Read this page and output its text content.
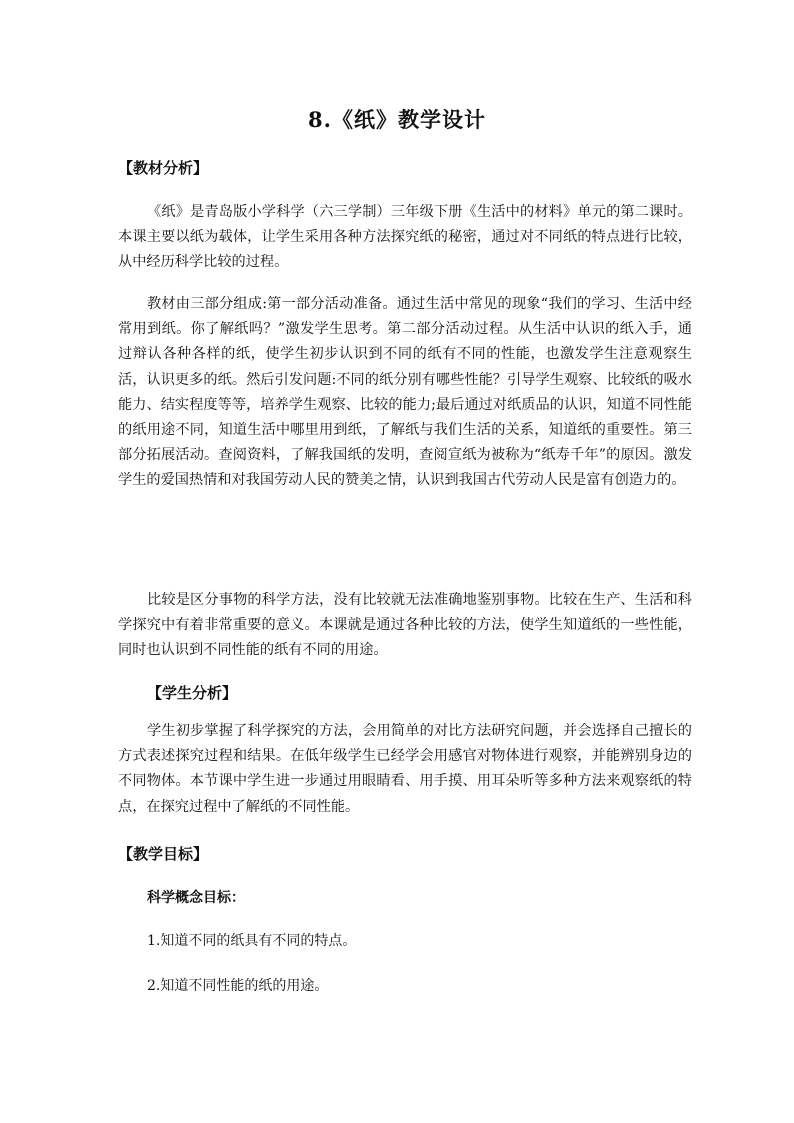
8.《纸》教学设计
【教材分析】

《纸》是青岛版小学科学（六三学制）三年级下册《生活中的材料》单元的第二课时。本课主要以纸为载体，让学生采用各种方法探究纸的秘密，通过对不同纸的特点进行比较，从中经历科学比较的过程。

教材由三部分组成:第一部分活动准备。通过生活中常见的现象“我们的学习、生活中经常用到纸。你了解纸吗？”激发学生思考。第二部分活动过程。从生活中认识的纸入手，通过辩认各种各样的纸，使学生初步认识到不同的纸有不同的性能，也激发学生注意观察生活，认识更多的纸。然后引发问题:不同的纸分别有哪些性能？引导学生观察、比较纸的吸水能力、结实程度等等，培养学生观察、比较的能力;最后通过对纸质品的认识，知道不同性能的纸用途不同，知道生活中哪里用到纸，了解纸与我们生活的关系，知道纸的重要性。第三部分拓展活动。查阅资料，了解我国纸的发明，查阅宣纸为被称为“纸寿千年”的原因。激发学生的爱国热情和对我国劳动人民的赞美之情，认识到我国古代劳动人民是富有创造力的。

比较是区分事物的科学方法，没有比较就无法准确地鉴别事物。比较在生产、生活和科学探究中有着非常重要的意义。本课就是通过各种比较的方法，使学生知道纸的一些性能，同时也认识到不同性能的纸有不同的用途。

【学生分析】

学生初步掌握了科学探究的方法，会用简单的对比方法研究问题，并会选择自己擅长的方式表述探究过程和结果。在低年级学生已经学会用感官对物体进行观察，并能辨别身边的不同物体。本节课中学生进一步通过用眼睛看、用手摸、用耳朵听等多种方法来观察纸的特点，在探究过程中了解纸的不同性能。

【教学目标】
科学概念目标：
1.知道不同的纸具有不同的特点。
2.知道不同性能的纸的用途。
